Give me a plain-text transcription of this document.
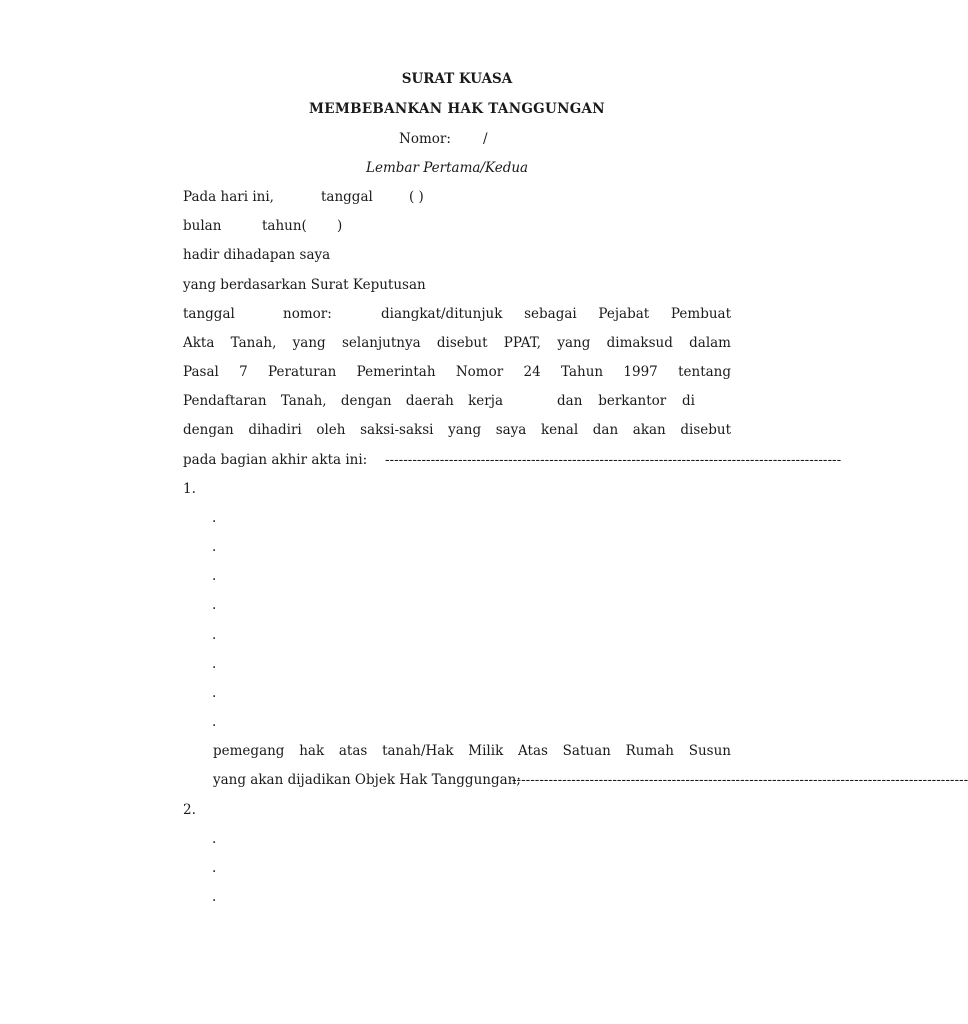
SURAT KUASA
MEMBEBANKAN HAK TANGGUNGAN
Nomor: /
Lembar Pertama/Kedua
Pada hari ini,	tanggal	( )
bulan	tahun( )
hadir dihadapan saya
yang berdasarkan Surat Keputusan
tanggal	nomor:	diangkat/ditunjuk sebagai Pejabat Pembuat
Akta Tanah, yang selanjutnya disebut PPAT, yang dimaksud dalam
Pasal 7 Peraturan Pemerintah Nomor 24 Tahun 1997 tentang
Pendaftaran Tanah, dengan daerah kerja	dan berkantor di
dengan dihadiri oleh saksi-saksi yang saya kenal dan akan disebut
pada bagian akhir akta ini: ----------------------------------------------------------------------------------------------------
1.
.
.
.
.
.
.
.
.
pemegang hak atas tanah/Hak Milik Atas Satuan Rumah Susun
yang akan dijadikan Objek Hak Tanggungan;
----------------------------------------------------------------------------------------------------
2.
.
.
.
